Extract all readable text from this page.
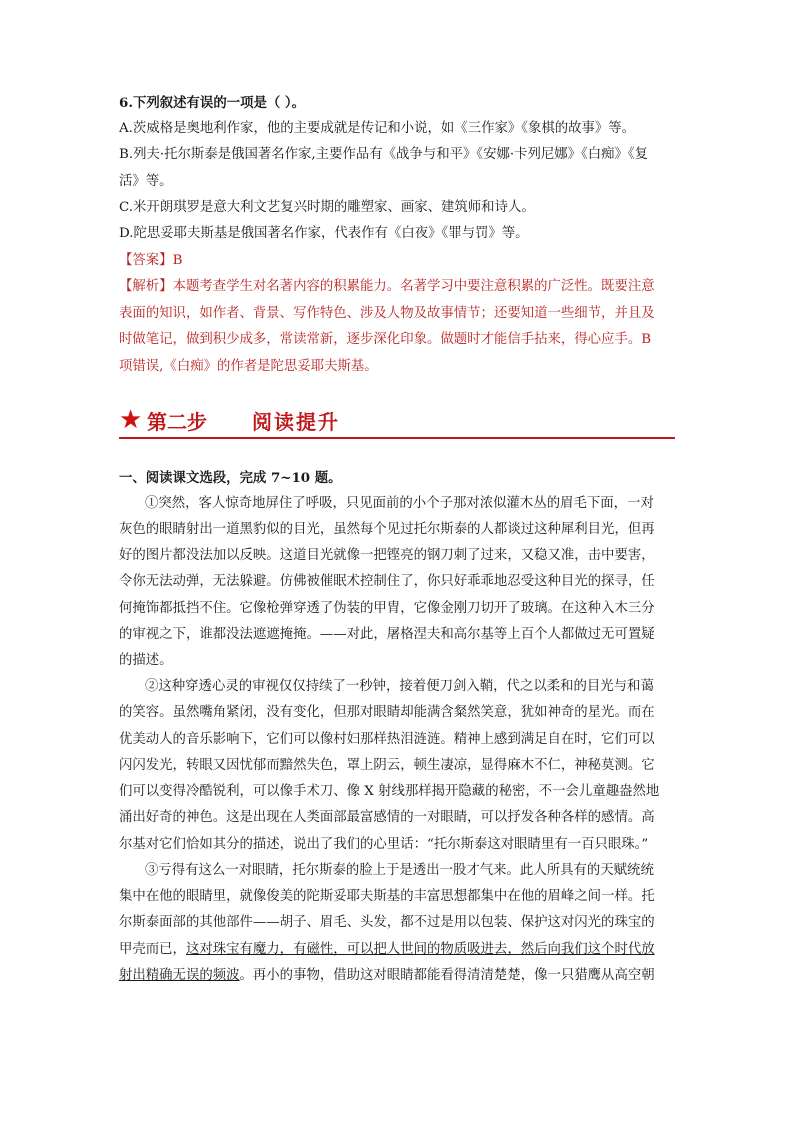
6.下列叙述有误的一项是（ ）。
A.茨威格是奥地利作家，他的主要成就是传记和小说，如《三作家》《象棋的故事》等。
B.列夫·托尔斯泰是俄国著名作家,主要作品有《战争与和平》《安娜·卡列尼娜》《白痴》《复
活》等。
C.米开朗琪罗是意大利文艺复兴时期的雕塑家、画家、建筑师和诗人。
D.陀思妥耶夫斯基是俄国著名作家，代表作有《白夜》《罪与罚》等。
【答案】B
【解析】本题考查学生对名著内容的积累能力。名著学习中要注意积累的广泛性。既要注意
表面的知识，如作者、背景、写作特色、涉及人物及故事情节；还要知道一些细节，并且及
时做笔记，做到积少成多，常读常新，逐步深化印象。做题时才能信手拈来，得心应手。B
项错误,《白痴》的作者是陀思妥耶夫斯基。
★ 第二步 阅读提升
一、阅读课文选段，完成 7~10 题。
①突然，客人惊奇地屏住了呼吸，只见面前的小个子那对浓似灌木丛的眉毛下面，一对
灰色的眼睛射出一道黑豹似的目光，虽然每个见过托尔斯泰的人都谈过这种犀利目光，但再
好的图片都没法加以反映。这道目光就像一把铿亮的钢刀刺了过来，又稳又准，击中要害，
令你无法动弹，无法躲避。仿佛被催眠术控制住了，你只好乖乖地忍受这种目光的探寻，任
何掩饰都抵挡不住。它像枪弹穿透了伪装的甲胄，它像金刚刀切开了玻璃。在这种入木三分
的审视之下，谁都没法遮遮掩掩。——对此，屠格涅夫和高尔基等上百个人都做过无可置疑
的描述。
②这种穿透心灵的审视仅仅持续了一秒钟，接着便刀剑入鞘，代之以柔和的目光与和蔼
的笑容。虽然嘴角紧闭，没有变化，但那对眼睛却能满含粲然笑意，犹如神奇的星光。而在
优美动人的音乐影响下，它们可以像村妇那样热泪涟涟。精神上感到满足自在时，它们可以
闪闪发光，转眼又因忧郁而黯然失色，罩上阴云，顿生凄凉，显得麻木不仁，神秘莫测。它
们可以变得冷酷锐利，可以像手术刀、像 X 射线那样揭开隐藏的秘密，不一会儿童趣盎然地
涌出好奇的神色。这是出现在人类面部最富感情的一对眼睛，可以抒发各种各样的感情。高
尔基对它们恰如其分的描述，说出了我们的心里话：“托尔斯泰这对眼睛里有一百只眼珠。”
③亏得有这么一对眼睛，托尔斯泰的脸上于是透出一股才气来。此人所具有的天赋统统
集中在他的眼睛里，就像俊美的陀斯妥耶夫斯基的丰富思想都集中在他的眉峰之间一样。托
尔斯泰面部的其他部件——胡子、眉毛、头发，都不过是用以包装、保护这对闪光的珠宝的
甲壳而已，这对珠宝有魔力，有磁性，可以把人世间的物质吸进去，然后向我们这个时代放
射出精确无误的频波。再小的事物，借助这对眼睛都能看得清清楚楚，像一只猎鹰从高空朝
